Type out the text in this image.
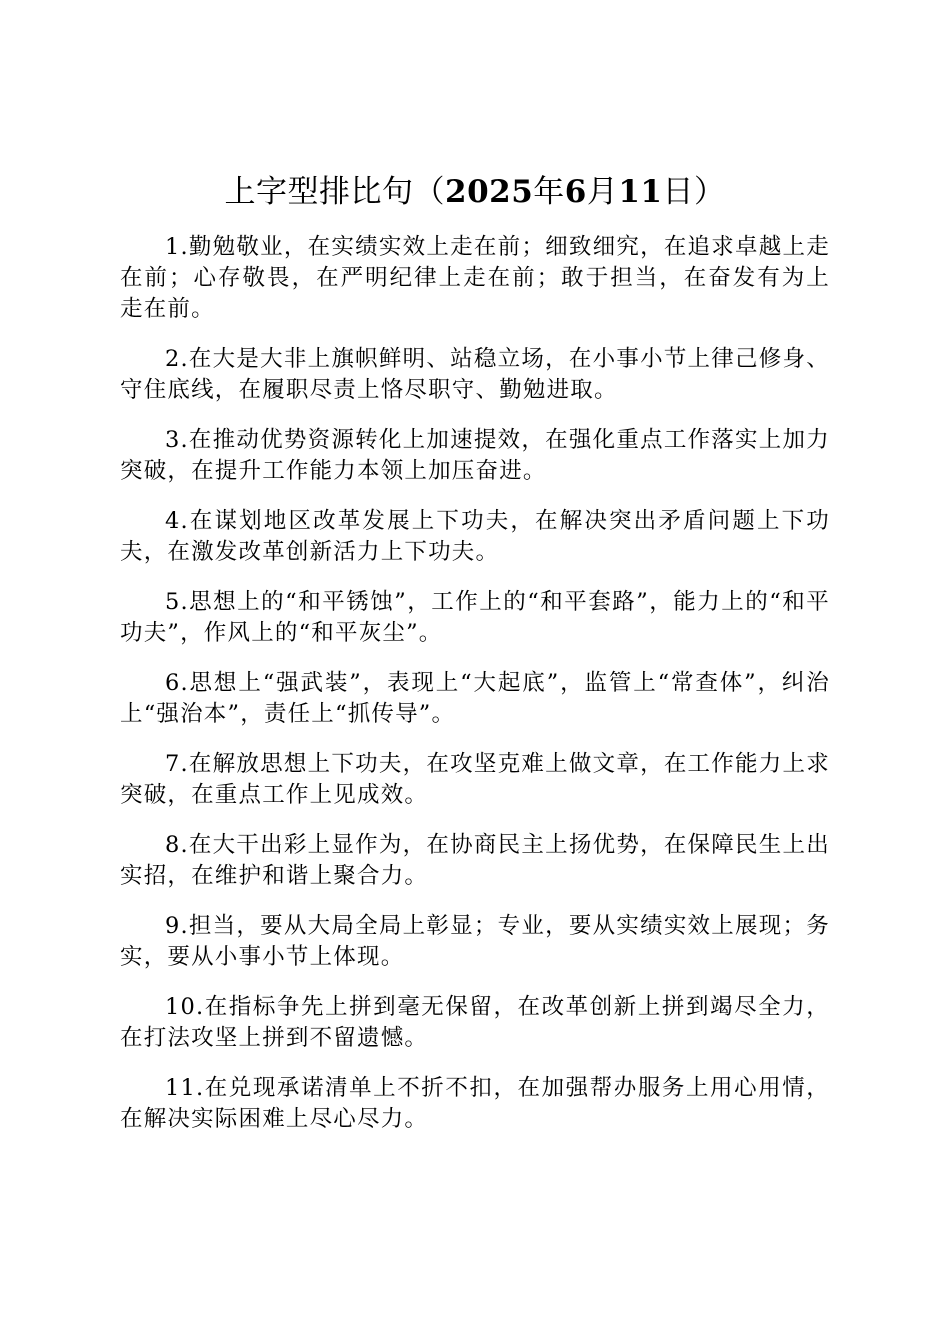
上字型排比句（2025年6月11日）

1.勤勉敬业，在实绩实效上走在前；细致细究，在追求卓越上走在前；心存敬畏，在严明纪律上走在前；敢于担当，在奋发有为上走在前。

2.在大是大非上旗帜鲜明、站稳立场，在小事小节上律己修身、守住底线，在履职尽责上恪尽职守、勤勉进取。

3.在推动优势资源转化上加速提效，在强化重点工作落实上加力突破，在提升工作能力本领上加压奋进。

4.在谋划地区改革发展上下功夫，在解决突出矛盾问题上下功夫，在激发改革创新活力上下功夫。

5.思想上的“和平锈蚀”，工作上的“和平套路”，能力上的“和平功夫”，作风上的“和平灰尘”。

6.思想上“强武装”，表现上“大起底”，监管上“常查体”，纠治上“强治本”，责任上“抓传导”。

7.在解放思想上下功夫，在攻坚克难上做文章，在工作能力上求突破，在重点工作上见成效。

8.在大干出彩上显作为，在协商民主上扬优势，在保障民生上出实招，在维护和谐上聚合力。

9.担当，要从大局全局上彰显；专业，要从实绩实效上展现；务实，要从小事小节上体现。

10.在指标争先上拼到毫无保留，在改革创新上拼到竭尽全力，在打法攻坚上拼到不留遗憾。

11.在兑现承诺清单上不折不扣，在加强帮办服务上用心用情，在解决实际困难上尽心尽力。
